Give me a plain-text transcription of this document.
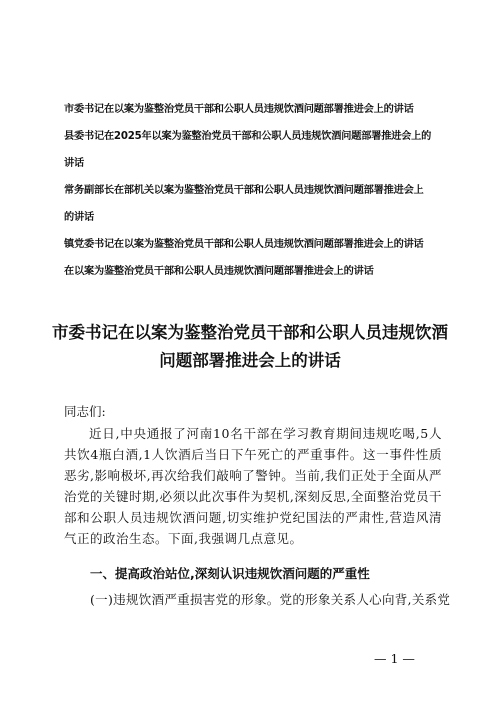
市委书记在以案为鉴整治党员干部和公职人员违规饮酒问题部署推进会上的讲话
县委书记在2025年以案为鉴整治党员干部和公职人员违规饮酒问题部署推进会上的
讲话
常务副部长在部机关以案为鉴整治党员干部和公职人员违规饮酒问题部署推进会上
的讲话
镇党委书记在以案为鉴整治党员干部和公职人员违规饮酒问题部署推进会上的讲话
在以案为鉴整治党员干部和公职人员违规饮酒问题部署推进会上的讲话
市委书记在以案为鉴整治党员干部和公职人员违规饮酒
问题部署推进会上的讲话
同志们:
近日,中央通报了河南10名干部在学习教育期间违规吃喝,5人共饮4瓶白酒,1人饮酒后当日下午死亡的严重事件。这一事件性质恶劣,影响极坏,再次给我们敲响了警钟。当前,我们正处于全面从严治党的关键时期,必须以此次事件为契机,深刻反思,全面整治党员干部和公职人员违规饮酒问题,切实维护党纪国法的严肃性,营造风清气正的政治生态。下面,我强调几点意见。
一、提高政治站位,深刻认识违规饮酒问题的严重性
(一)违规饮酒严重损害党的形象。党的形象关系人心向背,关系党
— 1 —
